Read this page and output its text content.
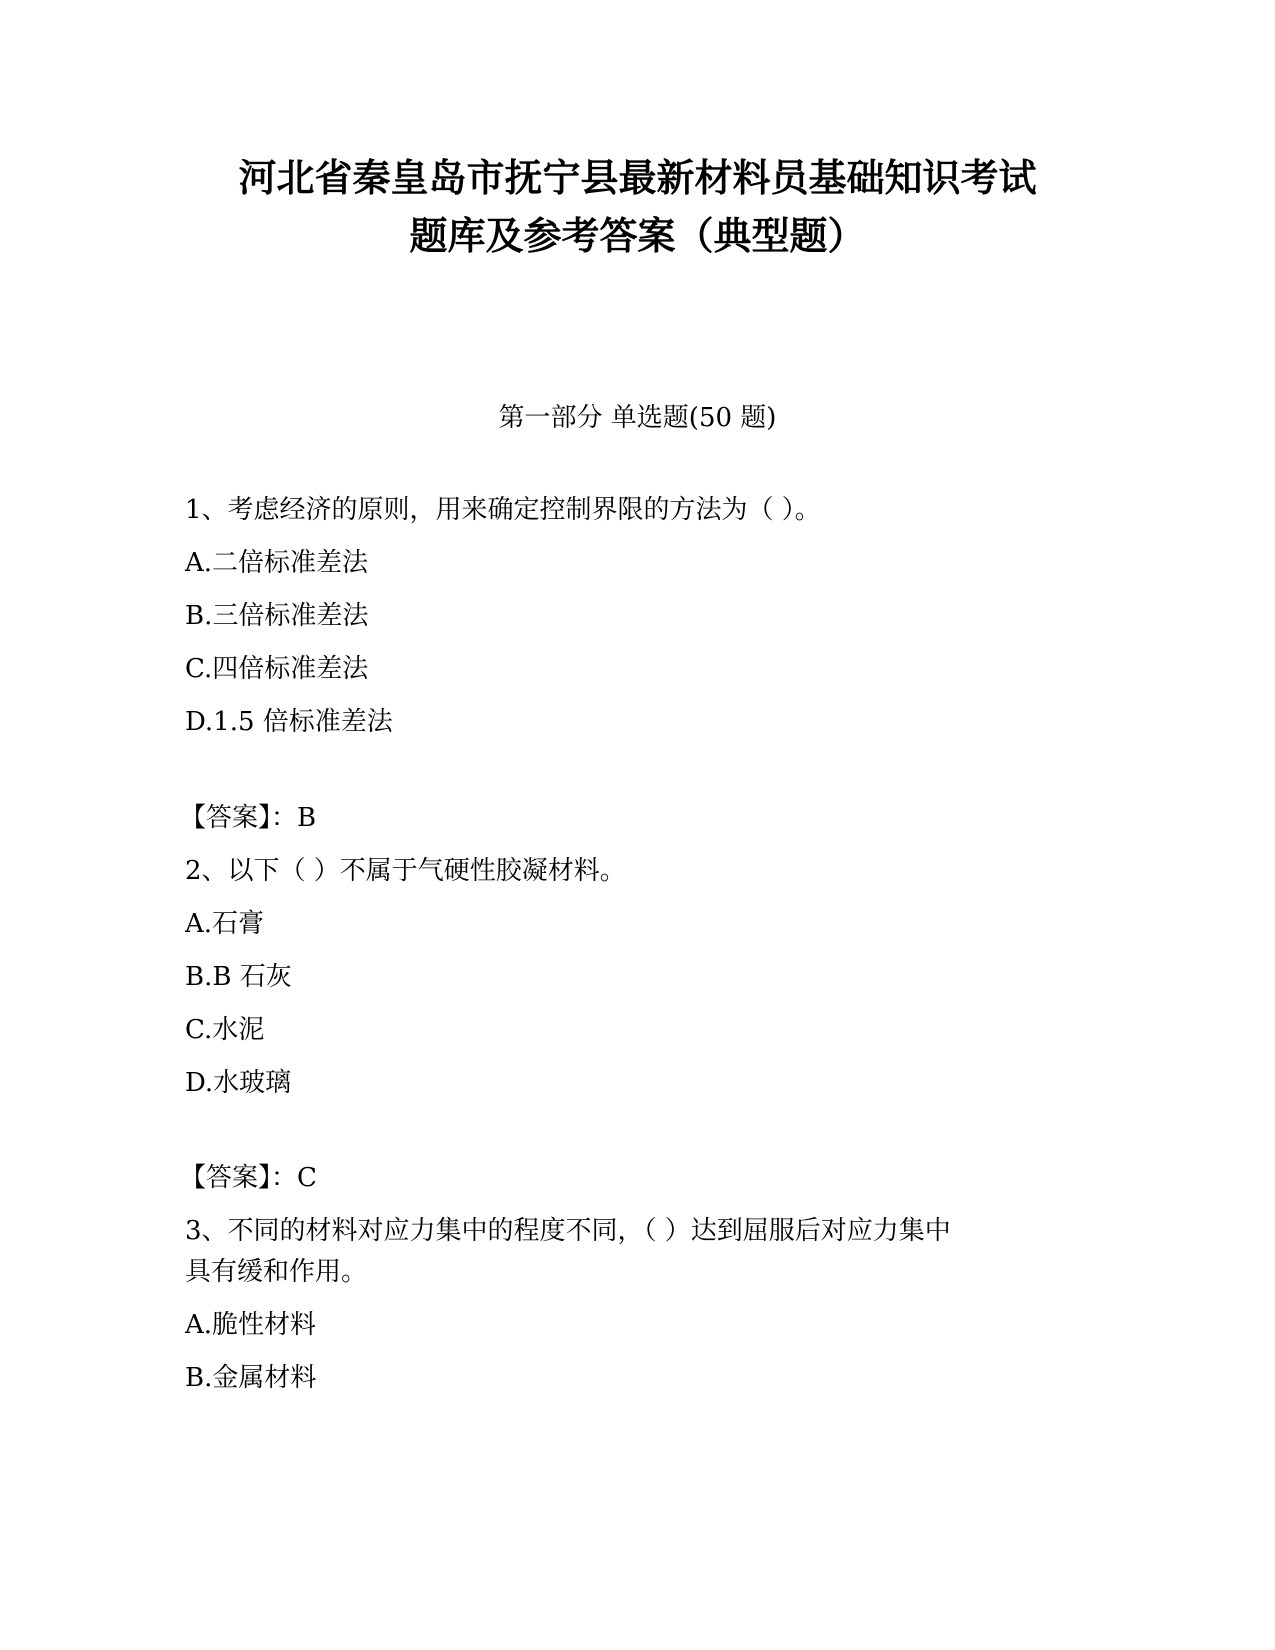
河北省秦皇岛市抚宁县最新材料员基础知识考试
题库及参考答案（典型题）
第一部分 单选题(50 题)
1、考虑经济的原则，用来确定控制界限的方法为（ ）。
A.二倍标准差法
B.三倍标准差法
C.四倍标准差法
D.1.5 倍标准差法
【答案】：B
2、以下（ ）不属于气硬性胶凝材料。
A.石膏
B.B 石灰
C.水泥
D.水玻璃
【答案】：C
3、不同的材料对应力集中的程度不同，（ ）达到屈服后对应力集中
具有缓和作用。
A.脆性材料
B.金属材料
